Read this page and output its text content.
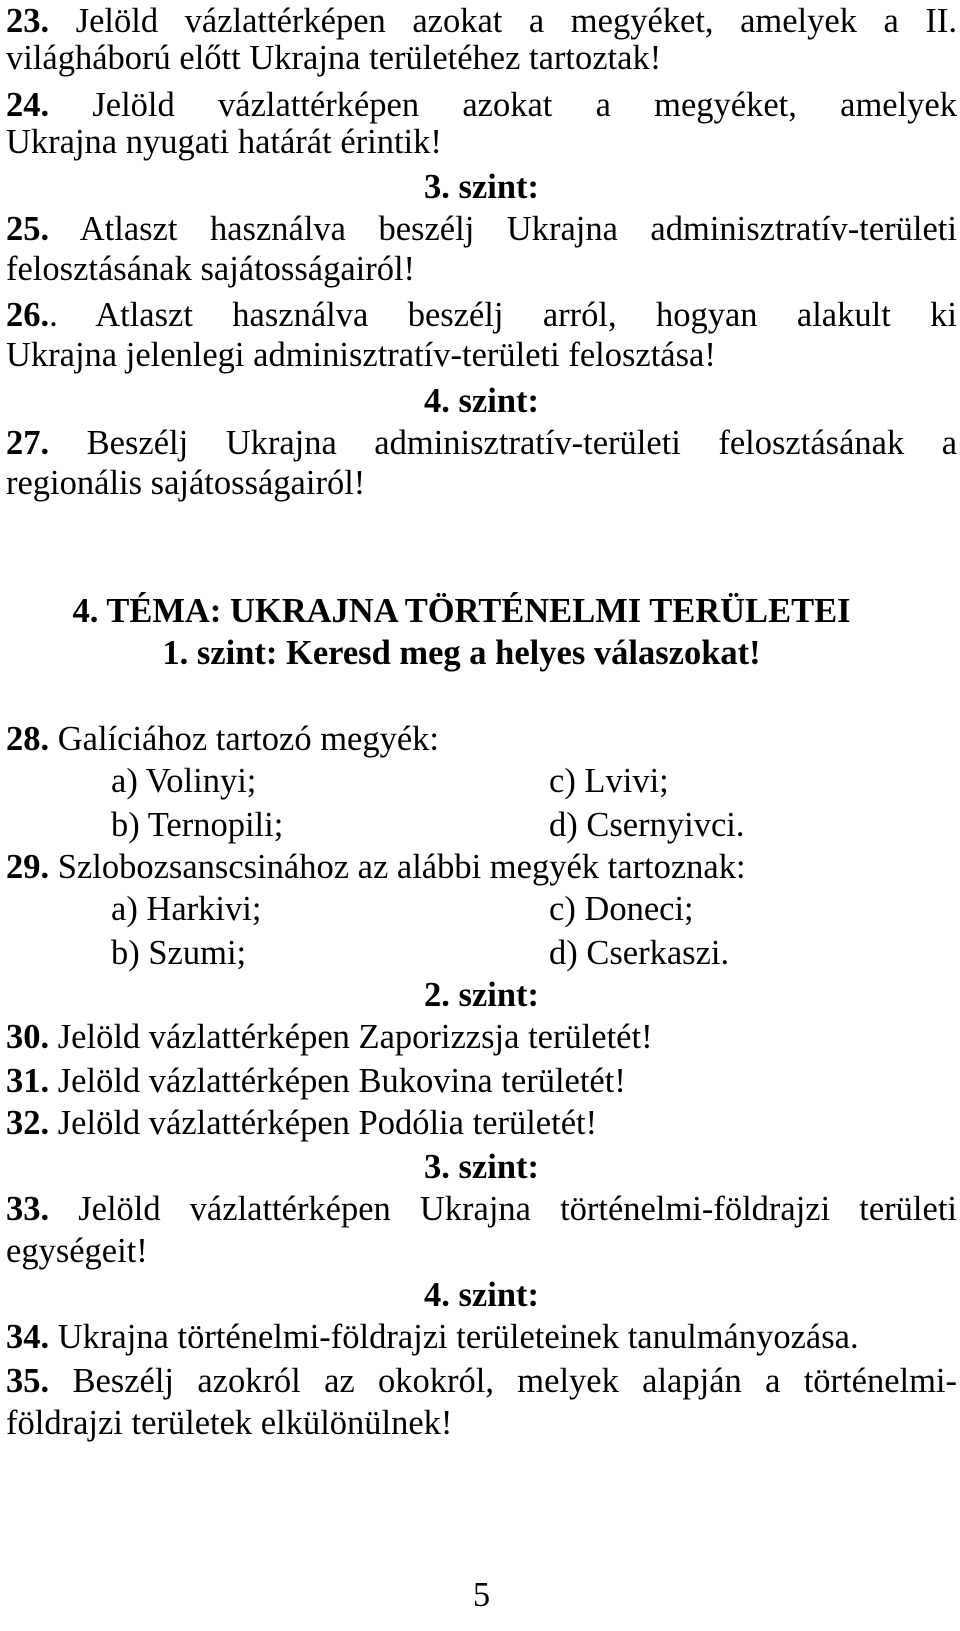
23. Jelöld vázlattérképen azokat a megyéket, amelyek a II.
világháború előtt Ukrajna területéhez tartoztak!
24. Jelöld vázlattérképen azokat a megyéket, amelyek
Ukrajna nyugati határát érintik!
3. szint:
25. Atlaszt használva beszélj Ukrajna adminisztratív-területi
felosztásának sajátosságairól!
26.. Atlaszt használva beszélj arról, hogyan alakult ki
Ukrajna jelenlegi adminisztratív-területi felosztása!
4. szint:
27. Beszélj Ukrajna adminisztratív-területi felosztásának a
regionális sajátosságairól!
4. TÉMA: UKRAJNA TÖRTÉNELMI TERÜLETEI
1. szint: Keresd meg a helyes válaszokat!
28. Galíciához tartozó megyék:
a) Volinyi;	c) Lvivi;
b) Ternopili;	d) Csernyivci.
29. Szlobozsanscsinához az alábbi megyék tartoznak:
a) Harkivi;	c) Doneci;
b) Szumi;	d) Cserkaszi.
2. szint:
30. Jelöld vázlattérképen Zaporizzsja területét!
31. Jelöld vázlattérképen Bukovina területét!
32. Jelöld vázlattérképen Podólia területét!
3. szint:
33. Jelöld vázlattérképen Ukrajna történelmi-földrajzi területi
egységeit!
4. szint:
34. Ukrajna történelmi-földrajzi területeinek tanulmányozása.
35. Beszélj azokról az okokról, melyek alapján a történelmi-
földrajzi területek elkülönülnek!
5
